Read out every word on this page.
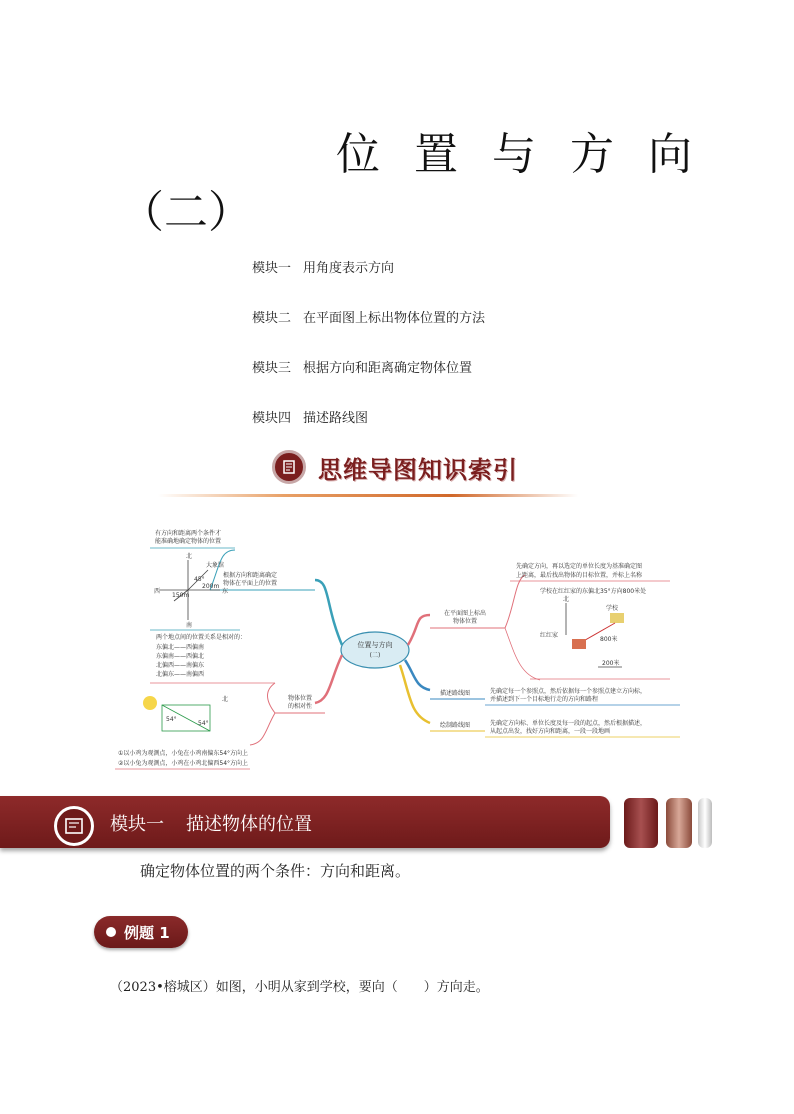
位置与方向
（二）
模块一 用角度表示方向
模块二 在平面图上标出物体位置的方法
模块三 根据方向和距离确定物体位置
模块四 描述路线图
思维导图知识索引
位置与方向
(二)
根据方向和距离确定
物体在平面上的位置
有方向和距离两个条件才
能准确地确定物体的位置
北
东
西
南
大象馆
45°
200m
150m
两个地点间的位置关系是相对的：
东偏北——西偏南
东偏南——西偏北
北偏西——南偏东
北偏东——南偏西
物体位置
的相对性
54°
54°
北
①以小鸡为观测点，小兔在小鸡南偏东54°方向上
②以小兔为观测点，小鸡在小鸡北偏西54°方向上
在平面图上标出
物体位置
先确定方向，再以选定的单位长度为基准确定图
上距离，最后找出物体的目标位置，并标上名称
学校在红红家的东偏北35°方向800米处
北
学校
红红家
800米
200米
描述路线图	先确定每一个参照点，然后依据每一个参照点建立方向标，
并描述到下一个目标地行走的方向和路程
绘制路线图	先确定方向标、单位长度及每一段的起点，然后根据描述，
从起点出发，找好方向和距离，一段一段地画
模块一 描述物体的位置
确定物体位置的两个条件：方向和距离。
例题 1
（2023•榕城区）如图，小明从家到学校，要向（　　）方向走。
